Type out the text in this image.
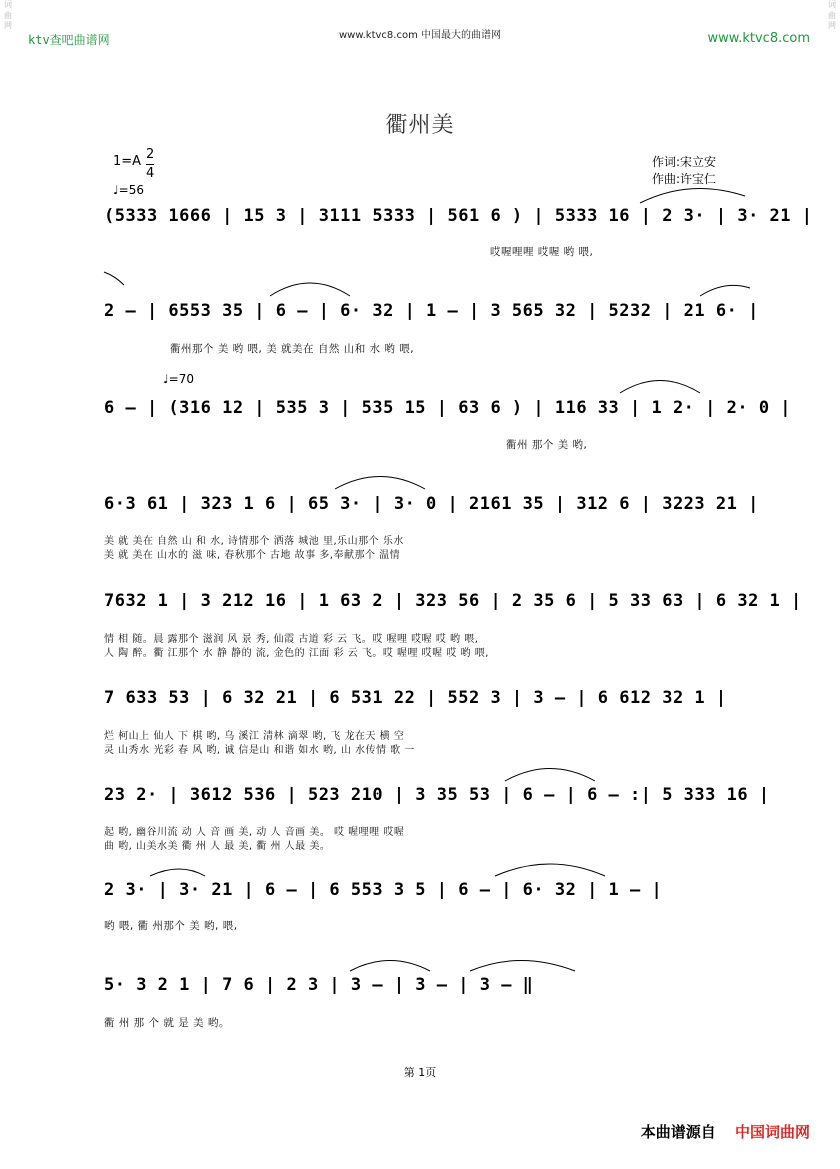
词曲网
词曲网
ktv查吧曲谱网	www.ktvc8.com 中国最大的曲谱网	www.ktvc8.com
衢州美
1=A 2
4
♩=56
作词:宋立安
作曲:许宝仁
(5333 1666 | 15 3 | 3111 5333 | 561 6 ) | 5333 16 | 2 3· | 3· 21 |
哎喔哩哩 哎喔 哟 喂,
2 – | 6553 35 | 6 – | 6· 32 | 1 – | 3 565 32 | 5232 | 21 6· |
衢州那个 美 哟 喂, 美 就美在 自然 山和 水 哟 喂,
♩=70
6 – | (316 12 | 535 3 | 535 15 | 63 6 ) | 116 33 | 1 2· | 2· 0 |
衢州 那个 美 哟,
6·3 61 | 323 1 6 | 65 3· | 3· 0 | 2161 35 | 312 6 | 3223 21 |
美 就 美在 自然 山 和 水, 诗情那个 洒落 城池 里,乐山那个 乐水
美 就 美在 山水的 滋 味, 春秋那个 古地 故事 多,奉献那个 温情
7632 1 | 3 212 16 | 1 63 2 | 323 56 | 2 35 6 | 5 33 63 | 6 32 1 |
情 相 随。晨 露那个 滋润 风 景 秀, 仙霞 古道 彩 云 飞。哎 喔哩 哎喔 哎 哟 喂,
人 陶 醉。衢 江那个 水 静 静的 流, 金色的 江面 彩 云 飞。哎 喔哩 哎喔 哎 哟 喂,
7 633 53 | 6 32 21 | 6 531 22 | 552 3 | 3 – | 6 612 32 1 |
烂 柯山上 仙人 下 棋 哟, 乌 溪江 清林 滴翠 哟, 飞 龙在天 横 空
灵 山秀水 光彩 春 风 哟, 诚 信是山 和谐 如水 哟, 山 水传情 歌 一
23 2· | 3612 536 | 523 210 | 3 35 53 | 6 – | 6 – :| 5 333 16 |
起 哟, 幽谷川流 动 人 音 画 美, 动 人 音画 美。 哎 喔哩哩 哎喔
曲 哟, 山美水美 衢 州 人 最 美, 衢 州 人最 美。
2 3· | 3· 21 | 6 – | 6 553 3 5 | 6 – | 6· 32 | 1 – |
哟 喂, 衢 州那个 美 哟, 喂,
5· 3 2 1 | 7 6 | 2 3 | 3 – | 3 – | 3 – ‖
衢 州 那 个 就 是 美 哟。
第 1页
本曲谱源自 中国词曲网
